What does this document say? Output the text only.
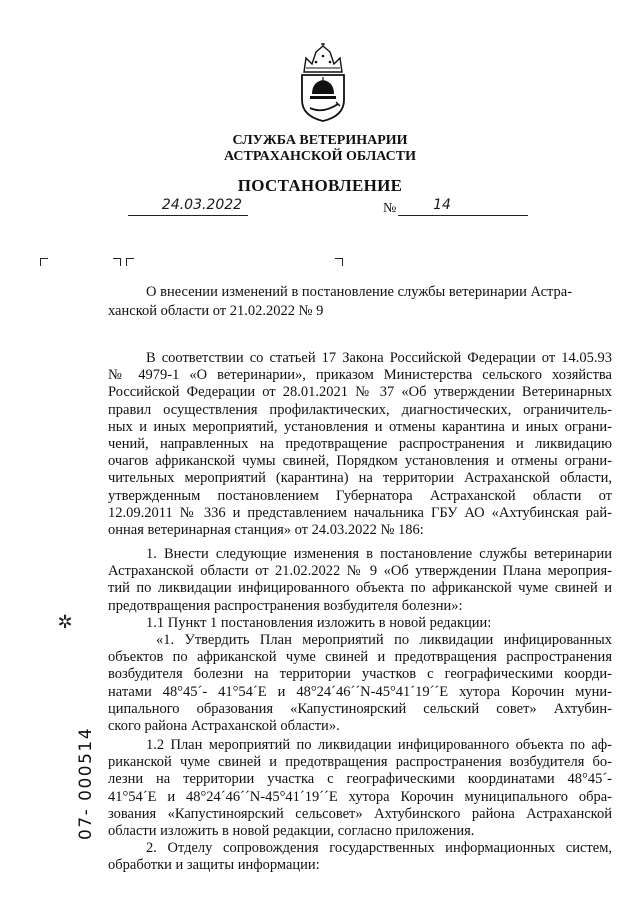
СЛУЖБА ВЕТЕРИНАРИИ
АСТРАХАНСКОЙ ОБЛАСТИ
ПОСТАНОВЛЕНИЕ
24.03.2022	№	14
О внесении изменений в постановление службы ветеринарии Астра-
ханской области от 21.02.2022 № 9
В соответствии со статьей 17 Закона Российской Федерации от 14.05.93
№ 4979-1 «О ветеринарии», приказом Министерства сельского хозяйства
Российской Федерации от 28.01.2021 № 37 «Об утверждении Ветеринарных
правил осуществления профилактических, диагностических, ограничитель-
ных и иных мероприятий, установления и отмены карантина и иных ограни-
чений, направленных на предотвращение распространения и ликвидацию
очагов африканской чумы свиней, Порядком установления и отмены ограни-
чительных мероприятий (карантина) на территории Астраханской области,
утвержденным постановлением Губернатора Астраханской области от
12.09.2011 № 336 и представлением начальника ГБУ АО «Ахтубинская рай-
онная ветеринарная станция» от 24.03.2022 № 186:
1. Внести следующие изменения в постановление службы ветеринарии
Астраханской области от 21.02.2022 № 9 «Об утверждении Плана мероприя-
тий по ликвидации инфицированного объекта по африканской чуме свиней и
предотвращения распространения возбудителя болезни»:
1.1 Пункт 1 постановления изложить в новой редакции:
«1. Утвердить План мероприятий по ликвидации инфицированных
объектов по африканской чуме свиней и предотвращения распространения
возбудителя болезни на территории участков с географическими коорди-
натами 48°45´- 41°54´Е и 48°24´46´´N-45°41´19´´Е хутора Корочин муни-
ципального образования «Капустиноярский сельский совет» Ахтубин-
ского района Астраханской области».
1.2 План мероприятий по ликвидации инфицированного объекта по аф-
риканской чуме свиней и предотвращения распространения возбудителя бо-
лезни на территории участка с географическими координатами 48°45´-
41°54´Е и 48°24´46´´N-45°41´19´´Е хутора Корочин муниципального обра-
зования «Капустиноярский сельсовет» Ахтубинского района Астраханской
области изложить в новой редакции, согласно приложения.
2. Отделу сопровождения государственных информационных систем,
обработки и защиты информации:
✲
07- 000514
